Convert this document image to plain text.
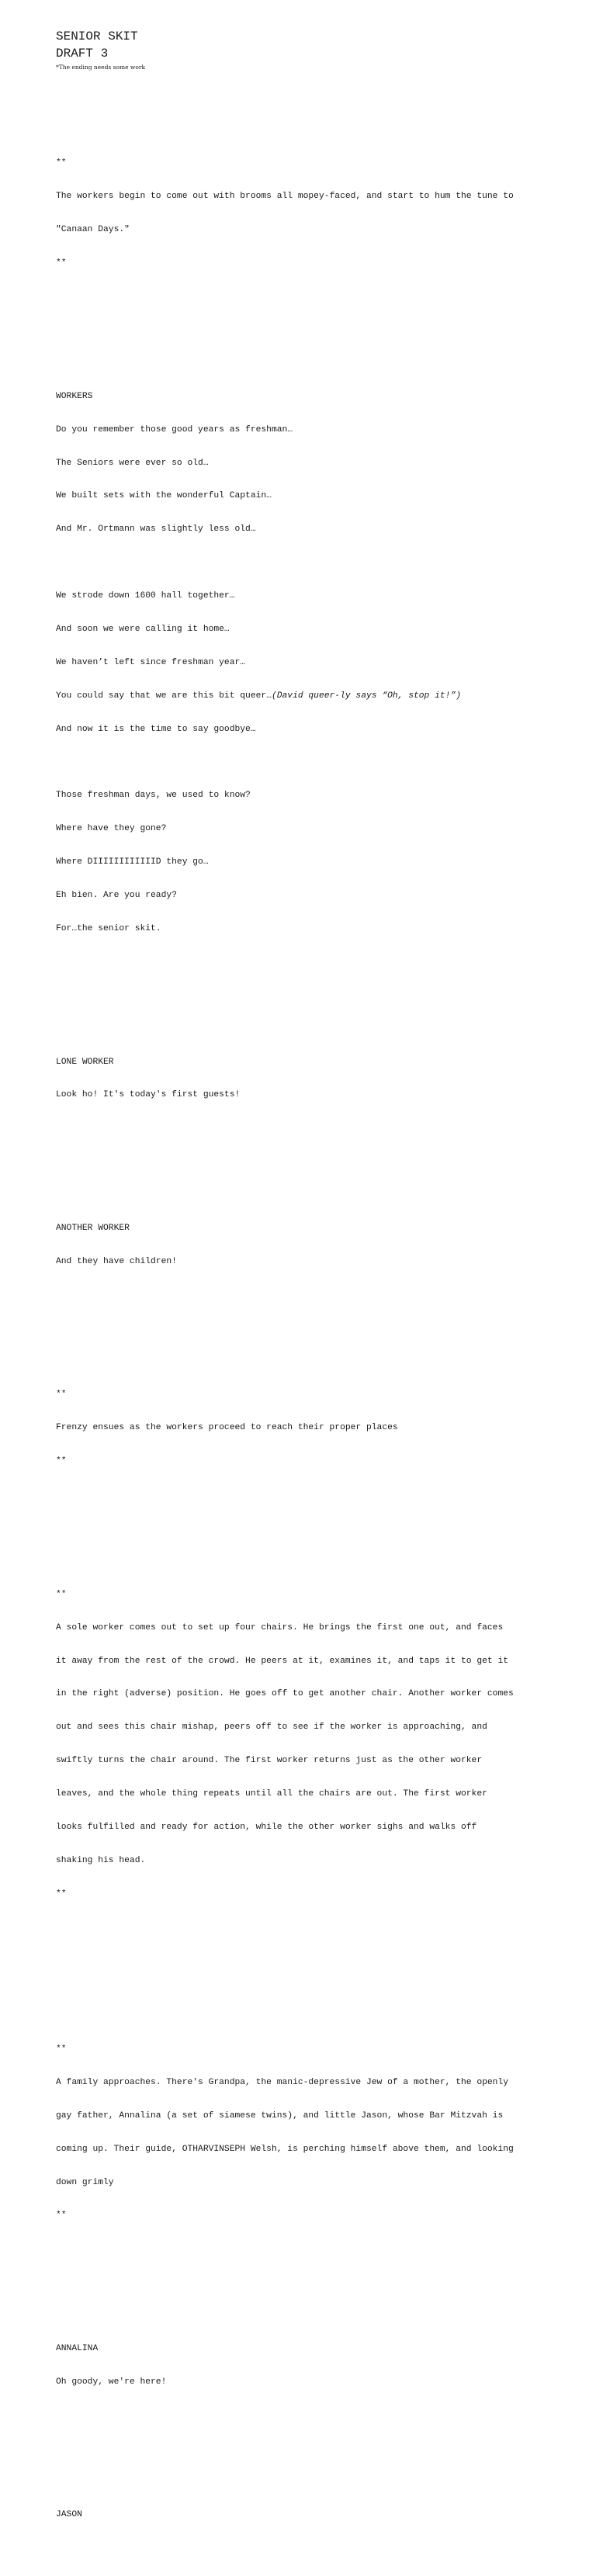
SENIOR SKIT
DRAFT 3
*The ending needs some work

**

The workers begin to come out with brooms all mopey-faced, and start to hum the tune to

"Canaan Days."

**

WORKERS

Do you remember those good years as freshman…

The Seniors were ever so old…

We built sets with the wonderful Captain…

And Mr. Ortmann was slightly less old…

We strode down 1600 hall together…

And soon we were calling it home…

We haven’t left since freshman year…

You could say that we are this bit queer…(David queer-ly says “Oh, stop it!”)

And now it is the time to say goodbye…

Those freshman days, we used to know?

Where have they gone?

Where DIIIIIIIIIIIID they go…

Eh bien. Are you ready?

For…the senior skit.

LONE WORKER

Look ho! It's today's first guests!

ANOTHER WORKER

And they have children!

**

Frenzy ensues as the workers proceed to reach their proper places

**

**

A sole worker comes out to set up four chairs. He brings the first one out, and faces

it away from the rest of the crowd. He peers at it, examines it, and taps it to get it

in the right (adverse) position. He goes off to get another chair. Another worker comes

out and sees this chair mishap, peers off to see if the worker is approaching, and

swiftly turns the chair around. The first worker returns just as the other worker

leaves, and the whole thing repeats until all the chairs are out. The first worker

looks fulfilled and ready for action, while the other worker sighs and walks off

shaking his head.

**

**

A family approaches. There's Grandpa, the manic-depressive Jew of a mother, the openly

gay father, Annalina (a set of siamese twins), and little Jason, whose Bar Mitzvah is

coming up. Their guide, OTHARVINSEPH Welsh, is perching himself above them, and looking

down grimly

**

ANNALINA

Oh goody, we're here!

JASON
